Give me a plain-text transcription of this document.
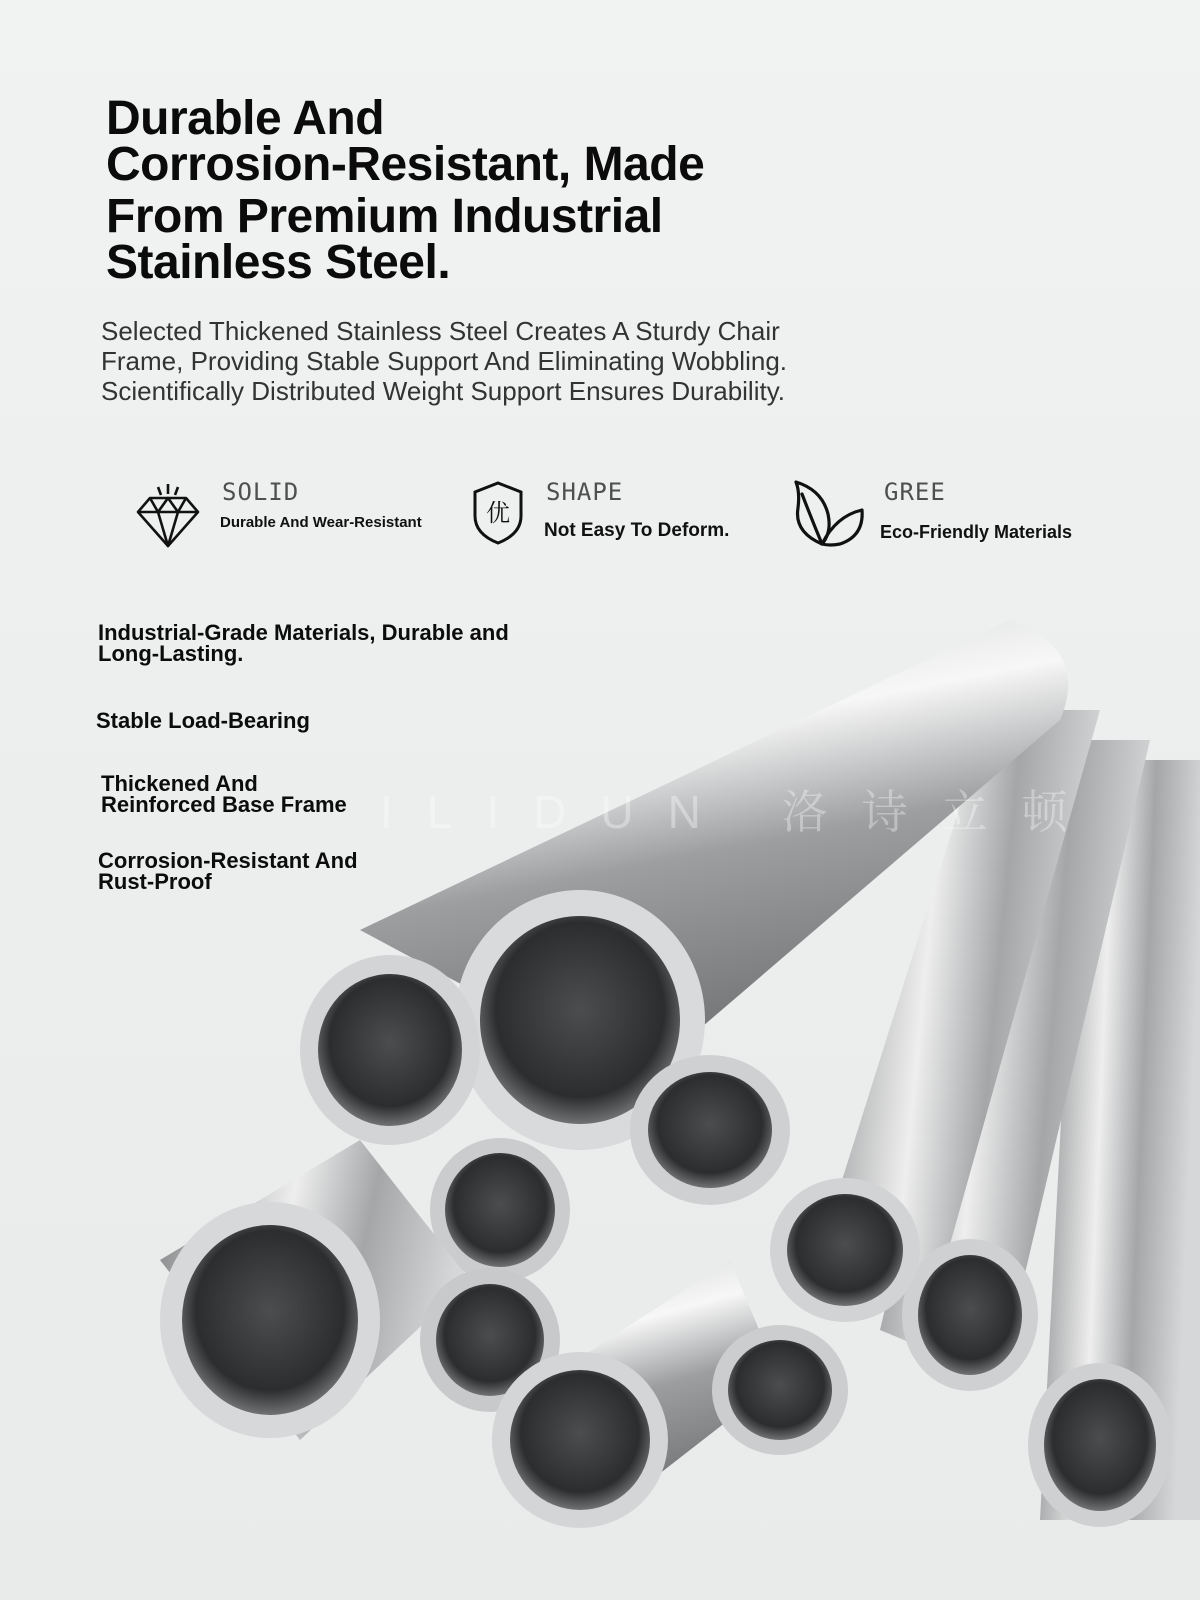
Durable And
Corrosion-Resistant, Made
From Premium Industrial
Stainless Steel.

Selected Thickened Stainless Steel Creates A Sturdy Chair
Frame, Providing Stable Support And Eliminating Wobbling.
Scientifically Distributed Weight Support Ensures Durability.

SOLID
Durable And Wear-Resistant	优
SHAPE
Not Easy To Deform.
GREE
Eco-Friendly Materials
ILIDUN 洛诗立顿
Industrial-Grade Materials, Durable and
Long-Lasting.
Stable Load-Bearing
Thickened And
Reinforced Base Frame
Corrosion-Resistant And
Rust-Proof
